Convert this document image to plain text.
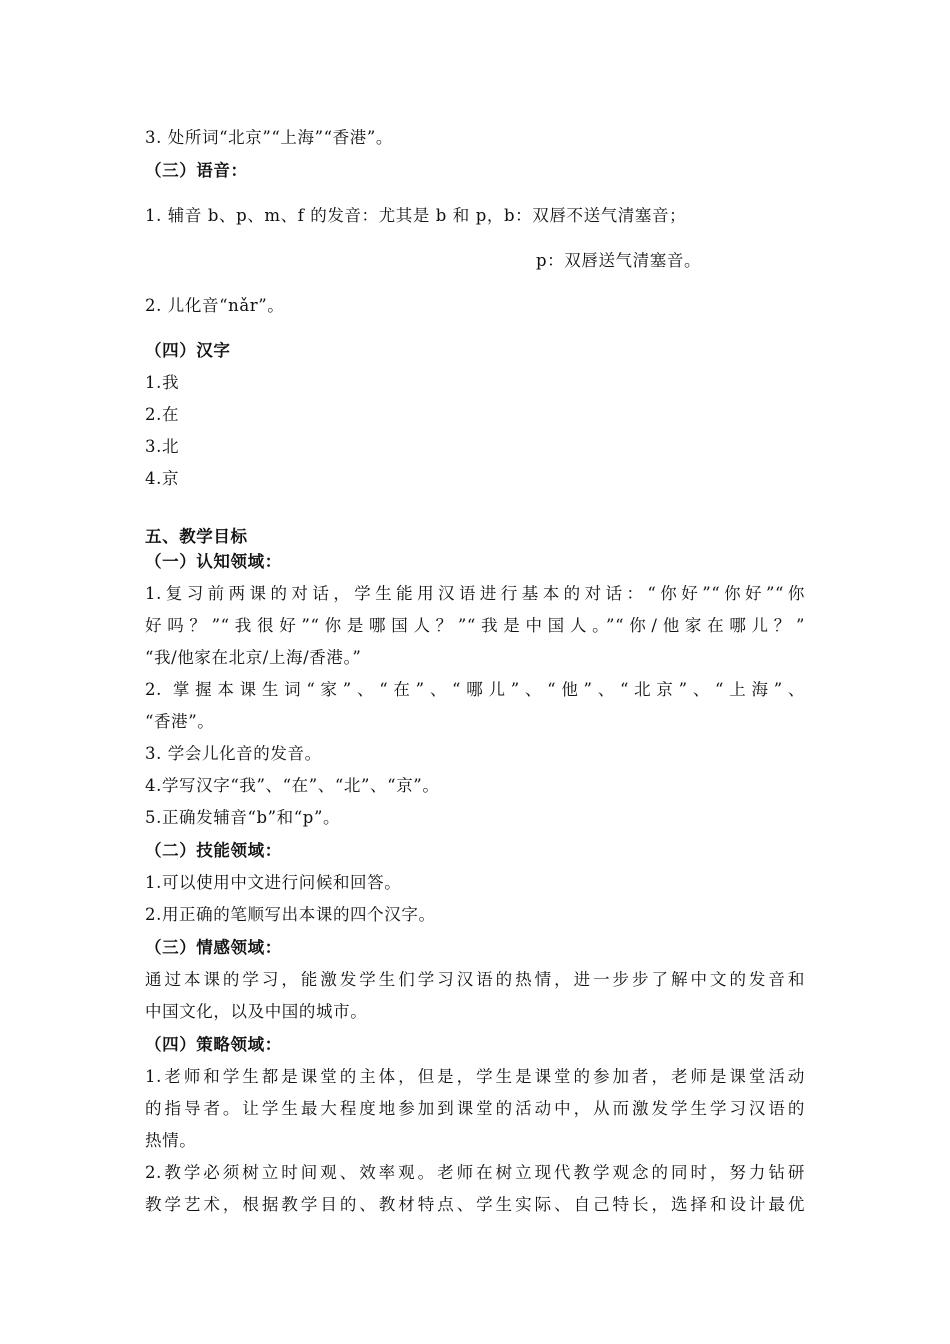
3. 处所词“北京”“上海”“香港”。
（三）语音：
1. 辅音 b、p、m、f 的发音：尤其是 b 和 p，b：双唇不送气清塞音；
p：双唇送气清塞音。
2. 儿化音“nǎr”。
（四）汉字
1.我
2.在
3.北
4.京
五、教学目标
（一）认知领域：
1.复习前两课的对话，学生能用汉语进行基本的对话：“你好”“你好”“你
好吗？”“我很好”“你是哪国人？”“我是中国人。”“你/他家在哪儿？”
“我/他家在北京/上海/香港。”
2. 掌握本课生词“家”、“在”、“哪儿”、“他”、“北京”、“上海”、
“香港”。
3. 学会儿化音的发音。
4.学写汉字“我”、“在”、“北”、“京”。
5.正确发辅音“b”和“p”。
（二）技能领域：
1.可以使用中文进行问候和回答。
2.用正确的笔顺写出本课的四个汉字。
（三）情感领域：
通过本课的学习，能激发学生们学习汉语的热情，进一步步了解中文的发音和
中国文化，以及中国的城市。
（四）策略领域：
1.老师和学生都是课堂的主体，但是，学生是课堂的参加者，老师是课堂活动
的指导者。让学生最大程度地参加到课堂的活动中，从而激发学生学习汉语的
热情。
2.教学必须树立时间观、效率观。老师在树立现代教学观念的同时，努力钻研
教学艺术，根据教学目的、教材特点、学生实际、自己特长，选择和设计最优
